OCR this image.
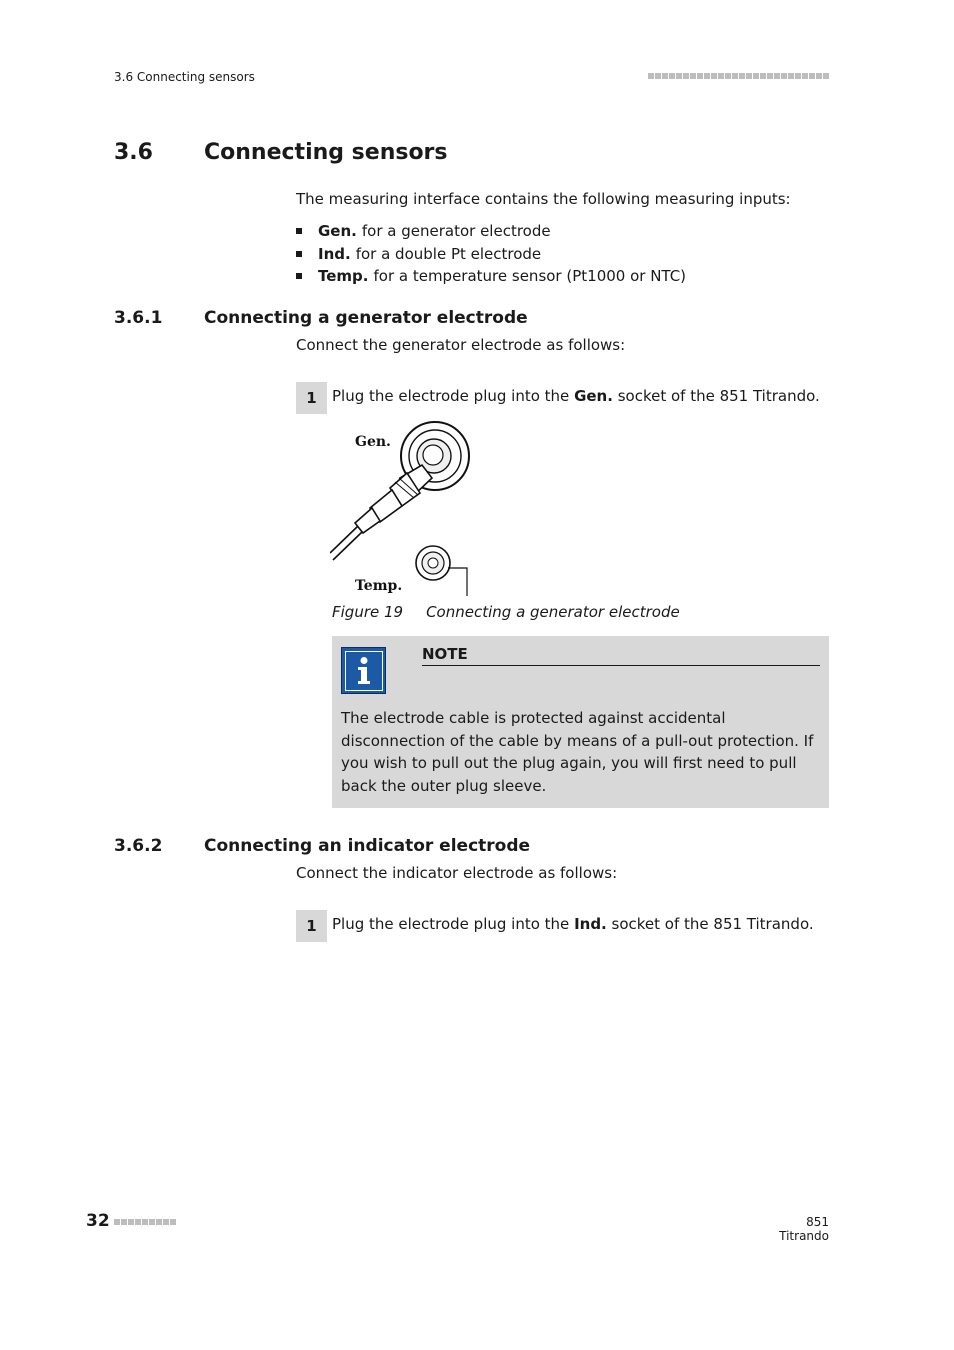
3.6 Connecting sensors
3.6 Connecting sensors
The measuring interface contains the following measuring inputs:
Gen. for a generator electrode
Ind. for a double Pt electrode
Temp. for a temperature sensor (Pt1000 or NTC)
3.6.1 Connecting a generator electrode
Connect the generator electrode as follows:
1	Plug the electrode plug into the Gen. socket of the 851 Titrando.
Gen.
Temp.
Figure 19 Connecting a generator electrode
NOTE
The electrode cable is protected against accidental disconnection of the cable by means of a pull-out protection. If you wish to pull out the plug again, you will first need to pull back the outer plug sleeve.
3.6.2 Connecting an indicator electrode
Connect the indicator electrode as follows:
1	Plug the electrode plug into the Ind. socket of the 851 Titrando.
32	851 Titrando
